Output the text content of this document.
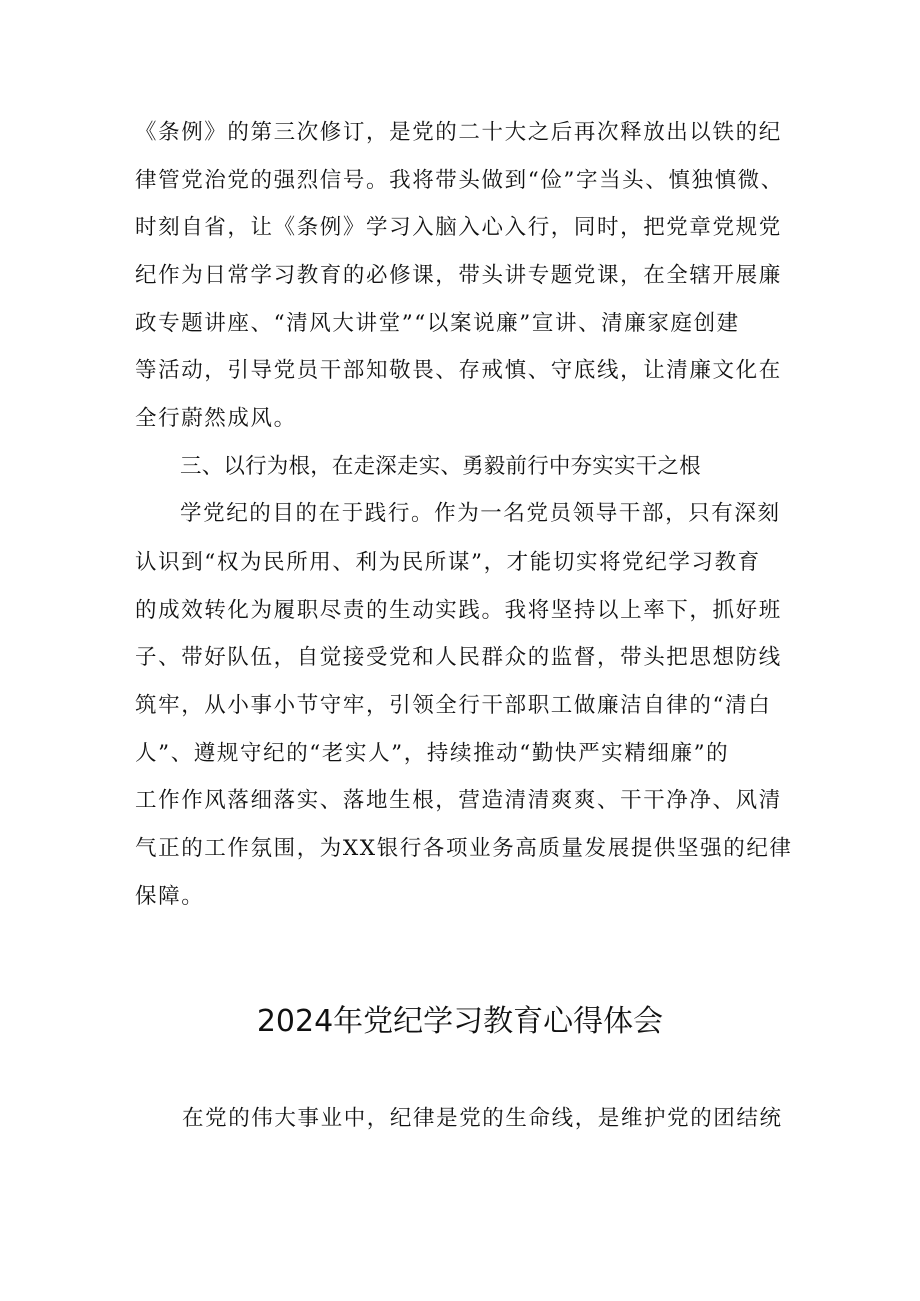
《条例》的第三次修订，是党的二十大之后再次释放出以铁的纪
律管党治党的强烈信号。我将带头做到“俭”字当头、慎独慎微、
时刻自省，让《条例》学习入脑入心入行，同时，把党章党规党
纪作为日常学习教育的必修课，带头讲专题党课，在全辖开展廉
政专题讲座、“清风大讲堂”“以案说廉”宣讲、清廉家庭创建
等活动，引导党员干部知敬畏、存戒慎、守底线，让清廉文化在
全行蔚然成风。
三、以行为根，在走深走实、勇毅前行中夯实实干之根
学党纪的目的在于践行。作为一名党员领导干部，只有深刻
认识到“权为民所用、利为民所谋”，才能切实将党纪学习教育
的成效转化为履职尽责的生动实践。我将坚持以上率下，抓好班
子、带好队伍，自觉接受党和人民群众的监督，带头把思想防线
筑牢，从小事小节守牢，引领全行干部职工做廉洁自律的“清白
人”、遵规守纪的“老实人”，持续推动“勤快严实精细廉”的
工作作风落细落实、落地生根，营造清清爽爽、干干净净、风清
气正的工作氛围，为XX银行各项业务高质量发展提供坚强的纪律
保障。
2024年党纪学习教育心得体会
在党的伟大事业中，纪律是党的生命线，是维护党的团结统
